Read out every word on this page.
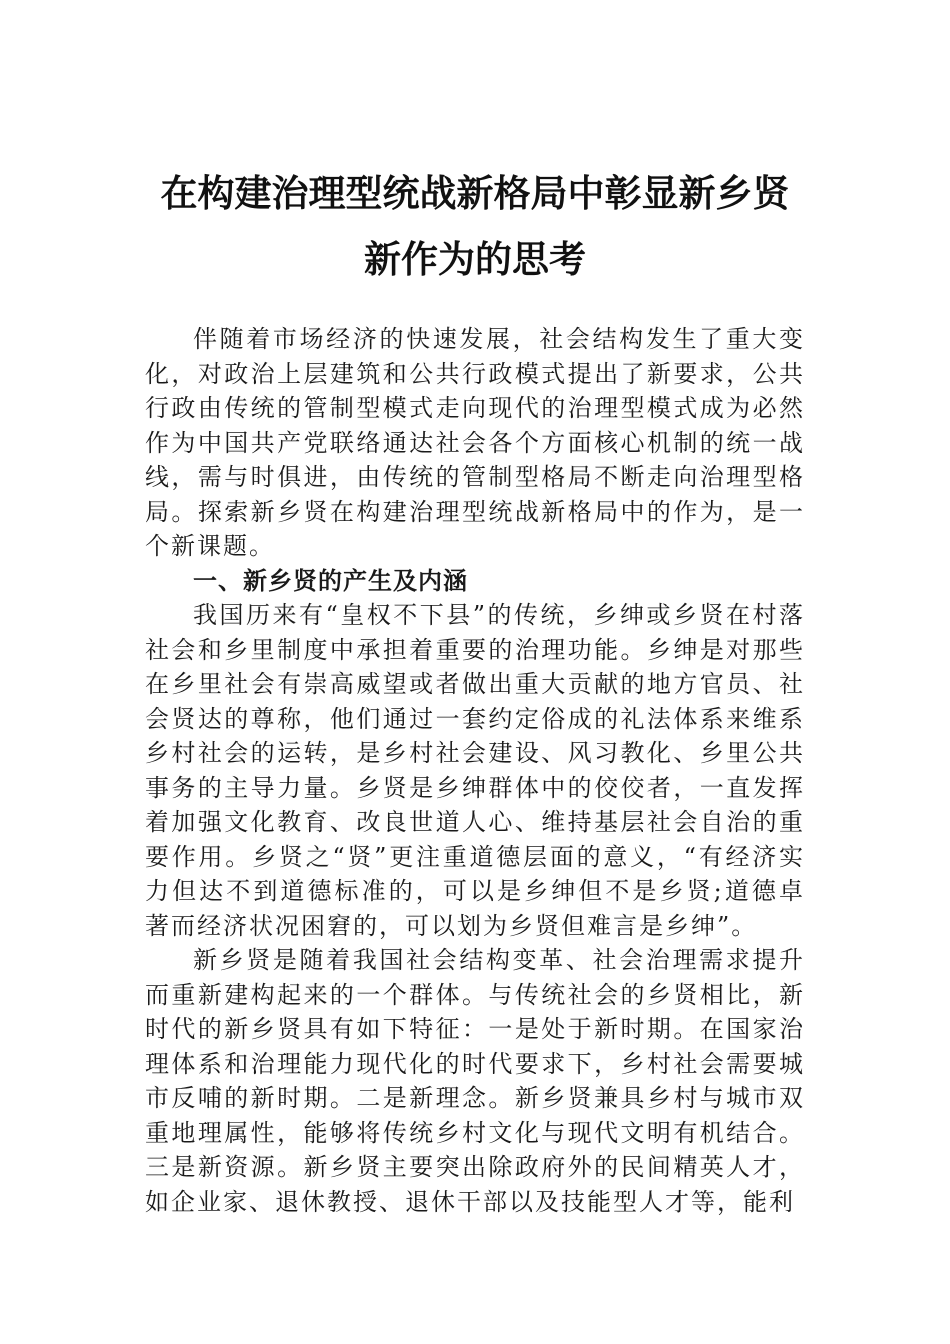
在构建治理型统战新格局中彰显新乡贤新作为的思考

伴随着市场经济的快速发展，社会结构发生了重大变化，对政治上层建筑和公共行政模式提出了新要求，公共行政由传统的管制型模式走向现代的治理型模式成为必然作为中国共产党联络通达社会各个方面核心机制的统一战线，需与时俱进，由传统的管制型格局不断走向治理型格局。探索新乡贤在构建治理型统战新格局中的作为，是一个新课题。

一、新乡贤的产生及内涵

我国历来有“皇权不下县”的传统，乡绅或乡贤在村落社会和乡里制度中承担着重要的治理功能。乡绅是对那些在乡里社会有崇高威望或者做出重大贡献的地方官员、社会贤达的尊称，他们通过一套约定俗成的礼法体系来维系乡村社会的运转，是乡村社会建设、风习教化、乡里公共事务的主导力量。乡贤是乡绅群体中的佼佼者，一直发挥着加强文化教育、改良世道人心、维持基层社会自治的重要作用。乡贤之“贤”更注重道德层面的意义，“有经济实力但达不到道德标准的，可以是乡绅但不是乡贤;道德卓著而经济状况困窘的，可以划为乡贤但难言是乡绅”。

新乡贤是随着我国社会结构变革、社会治理需求提升而重新建构起来的一个群体。与传统社会的乡贤相比，新时代的新乡贤具有如下特征：一是处于新时期。在国家治理体系和治理能力现代化的时代要求下，乡村社会需要城市反哺的新时期。二是新理念。新乡贤兼具乡村与城市双重地理属性，能够将传统乡村文化与现代文明有机结合。三是新资源。新乡贤主要突出除政府外的民间精英人才，如企业家、退休教授、退休干部以及技能型人才等，能利
